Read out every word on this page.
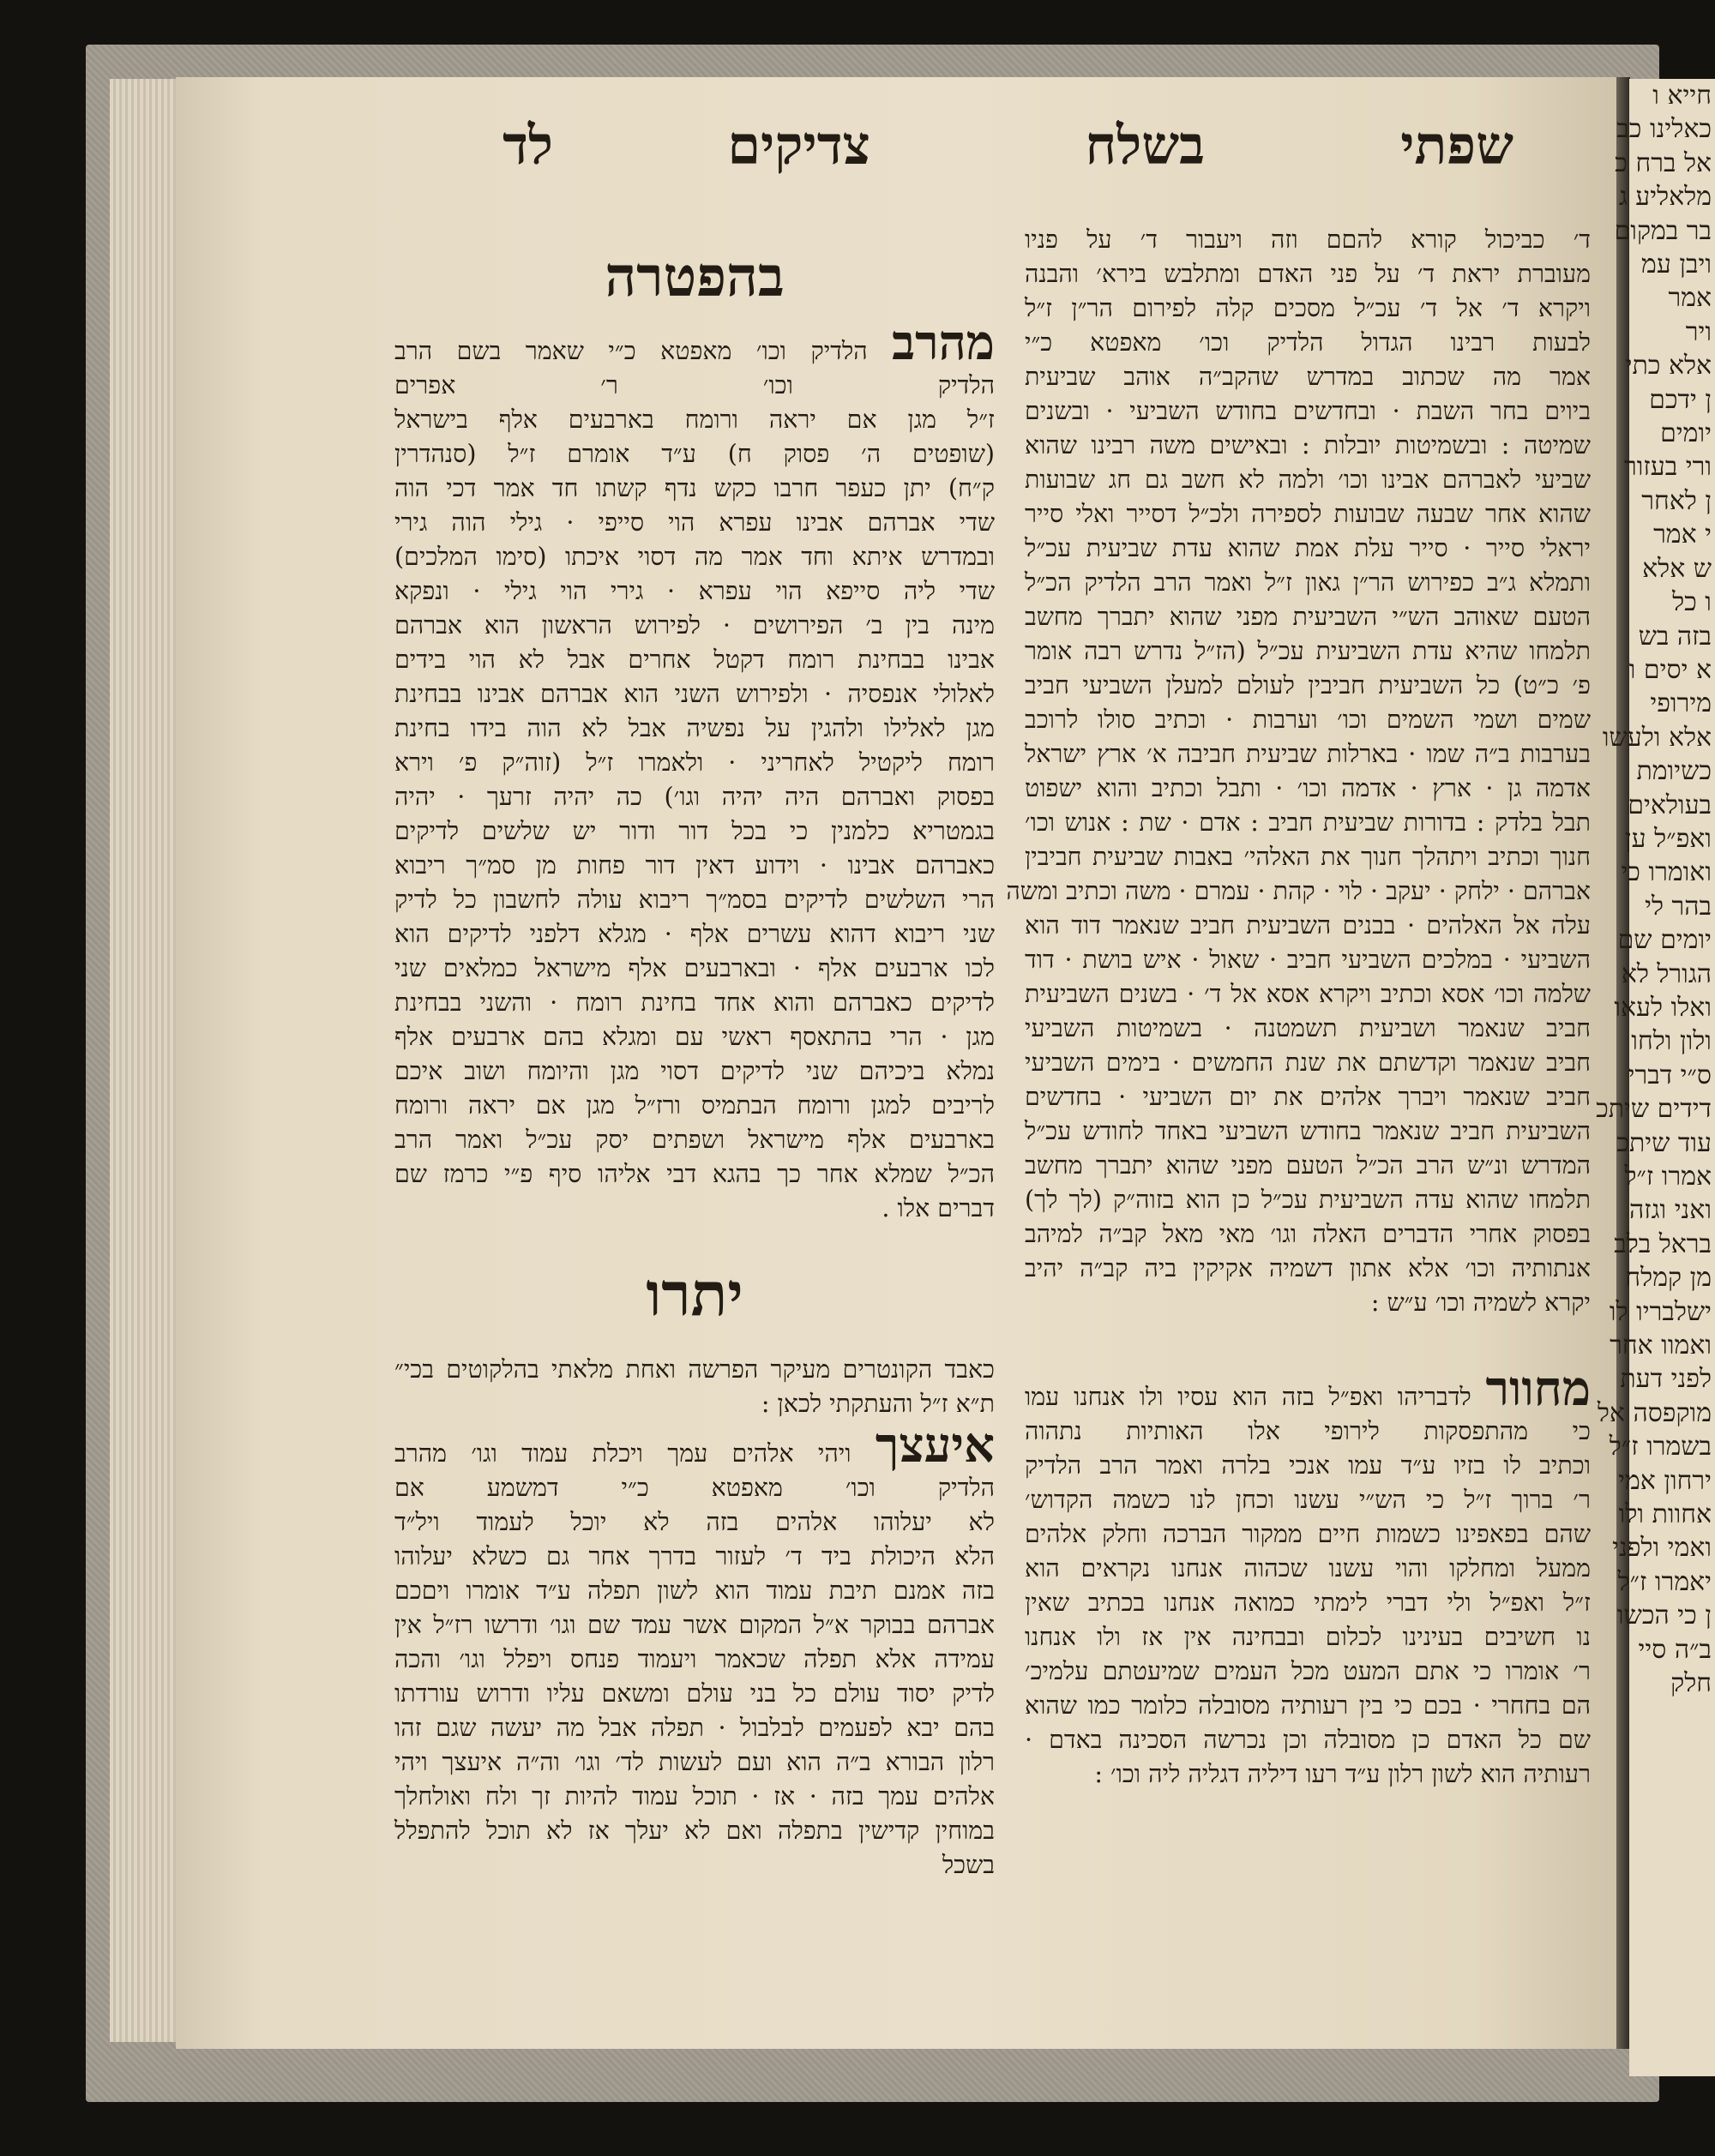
שפתי
בשלח
צדיקים
לד
ד׳ כביכול קורא להםם וזה ויעבור ד׳ על פניו
מעוברת יראת ד׳ על פני האדם ומתלבש בירא׳ והבנה
ויקרא ד׳ אל ד׳ עכ״ל מסכים קלה לפירום הר״ן ז״ל
לבעות רבינו הגדול הלדיק וכו׳ מאפטא כ״י
אמר מה שכתוב במדרש שהקב״ה אוהב שביעית
ביוים בחר השבת · ובחדשים בחודש השביעי · ובשנים
שמיטה : ובשמיטות יובלות : ובאישים משה רבינו שהוא
שביעי לאברהם אבינו וכו׳ ולמה לא חשב גם חג שבועות
שהוא אחר שבעה שבועות לספירה ולכ״ל דסייר ואלי סייר
יראלי סייר · סייר עלת אמת שהוא עדת שביעית עכ״ל
ותמלא ג״ב כפירוש הר״ן גאון ז״ל ואמר הרב הלדיק הכ״ל
הטעם שאוהב הש״י השביעית מפני שהוא יתברך מחשב
תלמחו שהיא עדת השביעית עכ״ל (הז״ל נדרש רבה אומר
פ׳ כ״ט) כל השביעית חביבין לעולם למעלן השביעי חביב
שמים ושמי השמים וכו׳ וערבות · וכתיב סולו לרוכב
בערבות ב״ה שמו · בארלות שביעית חביבה א׳ ארץ ישראל
אדמה גן · ארץ · אדמה וכו׳ · ותבל וכתיב והוא ישפוט
תבל בלדק : בדורות שביעית חביב : אדם · שת : אנוש וכו׳
חנוך וכתיב ויתהלך חנוך את האלהי׳ באבות שביעית חביבין
אברהם · ילחק · יעקב · לוי · קהת · עמרם · משה וכתיב ומשה
עלה אל האלהים · בבנים השביעית חביב שנאמר דוד הוא
השביעי · במלכים השביעי חביב · שאול · איש בושת · דוד
שלמה וכו׳ אסא וכתיב ויקרא אסא אל ד׳ · בשנים השביעית
חביב שנאמר ושביעית תשמטנה · בשמיטות השביעי
חביב שנאמר וקדשתם את שנת החמשים · בימים השביעי
חביב שנאמר ויברך אלהים את יום השביעי · בחדשים
השביעית חביב שנאמר בחודש השביעי באחד לחודש עכ״ל
המדרש ונ״ש הרב הכ״ל הטעם מפני שהוא יתברך מחשב
תלמחו שהוא עדה השביעית עכ״ל כן הוא בזוה״ק (לך לך)
בפסוק אחרי הדברים האלה וגו׳ מאי מאל קב״ה למיהב
אנתותיה וכו׳ אלא אתון דשמיה אקיקין ביה קב״ה יהיב
יקרא לשמיה וכו׳ ע״ש :
מחוור לדבריהו ואפ״ל בזה הוא עסיו ולו אנחנו עמו
כי מהתפסקות לירופי אלו האותיות נתהוה
וכתיב לו בזיו ע״ד עמו אנכי בלרה ואמר הרב הלדיק
ר׳ ברוך ז״ל כי הש״י עשנו וכחן לנו כשמה הקדוש׳
שהם בפאפינו כשמות חיים ממקור הברכה וחלק אלהים
ממעל ומחלקו והוי עשנו שכהוה אנחנו נקראים הוא
ז״ל ואפ״ל ולי דברי לימתי כמואה אנחנו בכתיב שאין
נו חשיבים בעינינו לכלום ובבחינה אין אז ולו אנחנו
ר׳ אומרו כי אתם המעט מכל העמים שמיעטתם עלמיכ׳
הם בחחרי · בכם כי בין רעותיה מסובלה כלומר כמו שהוא
שם כל האדם כן מסובלה וכן נכרשה הסכינה באדם ·
רעותיה הוא לשון רלון ע״ד רעו דיליה דגליה ליה וכו׳ :
בהפטרה
מהרב הלדיק וכו׳ מאפטא כ״י שאמר בשם הרב
הלדיק וכו׳ ר׳ אפרים
ז״ל מגן אם יראה ורומח בארבעים אלף בישראל
(שופטים ה׳ פסוק ח) ע״ד אומרם ז״ל (סנהדרין
ק״ח) יתן כעפר חרבו כקש נדף קשתו חד אמר דכי הוה
שדי אברהם אבינו עפרא הוי סייפי · גילי הוה גירי
ובמדרש איתא וחד אמר מה דסוי איכתו (סימו המלכים)
שדי ליה סייפא הוי עפרא · גירי הוי גילי · ונפקא
מינה בין ב׳ הפירושים · לפירוש הראשון הוא אברהם
אבינו בבחינת רומח דקטל אחרים אבל לא הוי בידים
לאלולי אנפסיה · ולפירוש השני הוא אברהם אבינו בבחינת
מגן לאלילו ולהגין על נפשיה אבל לא הוה בידו בחינת
רומח ליקטיל לאחריני · ולאמרו ז״ל (זוה״ק פ׳ וירא
בפסוק ואברהם היה יהיה וגו׳) כה יהיה זרעך · יהיה
בגמטריא כלמנין כי בכל דור ודור יש שלשים לדיקים
כאברהם אבינו · וידוע דאין דור פחות מן סמ״ך ריבוא
הרי השלשים לדיקים בסמ״ך ריבוא עולה לחשבון כל לדיק
שני ריבוא דהוא עשרים אלף · מגלא דלפני לדיקים הוא
לכו ארבעים אלף · ובארבעים אלף מישראל כמלאים שני
לדיקים כאברהם והוא אחד בחינת רומח · והשני בבחינת
מגן · הרי בהתאסף ראשי עם ומגלא בהם ארבעים אלף
נמלא ביכיהם שני לדיקים דסוי מגן והיומח ושוב איכם
לריבים למגן ורומח הבתמיס ורז״ל מגן אם יראה ורומח
בארבעים אלף מישראל ושפתים יסק עכ״ל ואמר הרב
הכ״ל שמלא אחר כך בהגא דבי אליהו סיף פ״י כרמז שם
דברים אלו .
יתרו
כאבד הקונטרים מעיקר הפרשה ואחת מלאתי בהלקוטים בכי״
ת״א ז״ל והעתקתי לכאן :
איעצך ויהי אלהים עמך ויכלת עמוד וגו׳ מהרב
הלדיק וכו׳ מאפטא כ״י דמשמע אם
לא יעלוהו אלהים בזה לא יוכל לעמוד ויל״ד
הלא היכולת ביד ד׳ לעזור בדרך אחר גם כשלא יעלוהו
בזה אמנם תיבת עמוד הוא לשון תפלה ע״ד אומרו ויםכם
אברהם בבוקר א״ל המקום אשר עמד שם וגו׳ ודרשו רז״ל אין
עמידה אלא תפלה שכאמר ויעמוד פנחס ויפלל וגו׳ והכה
לדיק יסוד עולם כל בני עולם ומשאם עליו ודרוש עורדתו
בהם יבא לפעמים לבלבול · תפלה אבל מה יעשה שגם זהו
רלון הבורא ב״ה הוא ועם לעשות לד׳ וגו׳ וה״ה איעצך ויהי
אלהים עמך בזה · אז · תוכל עמוד להיות זך ולח ואולחלך
במוחין קדישין בתפלה ואם לא יעלך אז לא תוכל להתפלל
בשכל
חייא ו
כאלינו כב
אל ברח כ
מלאליע ג
בר במקום
ויבן עמ
אמר
ויר
אלא כתי
ן ידכם
יומים
ורי בעזור
ן לאחר
י אמר
ש אלא
ו כל
בזה בש
א יסים ו
מירופי
אלא ולעשו
כשיומת
בעולאים
ואפ״ל ען
ואומרו כי
בהר לי
יומים שם
הגורל לא
ואלו לעאו
ולון ולחו
ס״י דברי
דידים שיתכ
עוד שיתכ
אמרו ז״ל
ואני וגזה
בראל בלב
מן קמלח
ישלבריו לו
ואמוו אחר
לפני דעת
מוקפסה אל
בשמרו ז״ל
ירחון אמי
אחוות ולו
ואמי ולפני
יאמרו ז״ל
ן כי הכשו
ב״ה סיי
חלק
